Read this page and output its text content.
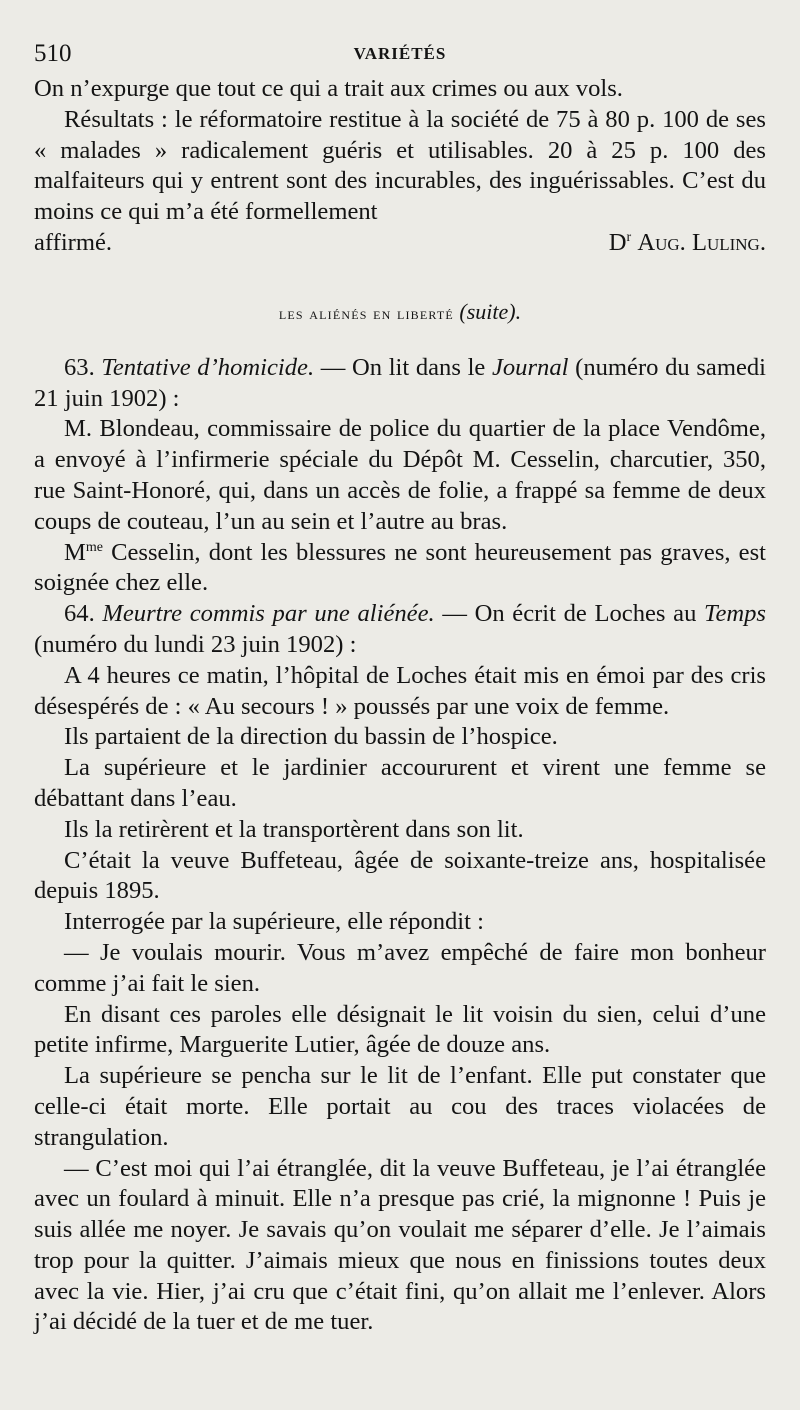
510	VARIÉTÉS

On n’expurge que tout ce qui a trait aux crimes ou aux vols.

Résultats : le réformatoire restitue à la société de 75 à 80 p. 100 de ses « malades » radicalement guéris et utilisables. 20 à 25 p. 100 des malfaiteurs qui y entrent sont des incurables, des inguérissables. C’est du moins ce qui m’a été formellement

affirmé.	$D^r$ Aug. Luling.
les aliénés en liberté (suite).

63. Tentative d’homicide. — On lit dans le Journal (numéro du samedi 21 juin 1902) :

M. Blondeau, commissaire de police du quartier de la place Vendôme, a envoyé à l’infirmerie spéciale du Dépôt M. Cesselin, charcutier, 350, rue Saint-Honoré, qui, dans un accès de folie, a frappé sa femme de deux coups de couteau, l’un au sein et l’autre au bras.

$M^{me}$ Cesselin, dont les blessures ne sont heureusement pas graves, est soignée chez elle.

64. Meurtre commis par une aliénée. — On écrit de Loches au Temps (numéro du lundi 23 juin 1902) :

A 4 heures ce matin, l’hôpital de Loches était mis en émoi par des cris désespérés de : « Au secours ! » poussés par une voix de femme.

Ils partaient de la direction du bassin de l’hospice.

La supérieure et le jardinier accoururent et virent une femme se débattant dans l’eau.

Ils la retirèrent et la transportèrent dans son lit.

C’était la veuve Buffeteau, âgée de soixante-treize ans, hospitalisée depuis 1895.

Interrogée par la supérieure, elle répondit :

— Je voulais mourir. Vous m’avez empêché de faire mon bonheur comme j’ai fait le sien.

En disant ces paroles elle désignait le lit voisin du sien, celui d’une petite infirme, Marguerite Lutier, âgée de douze ans.

La supérieure se pencha sur le lit de l’enfant. Elle put constater que celle-ci était morte. Elle portait au cou des traces violacées de strangulation.

— C’est moi qui l’ai étranglée, dit la veuve Buffeteau, je l’ai étranglée avec un foulard à minuit. Elle n’a presque pas crié, la mignonne ! Puis je suis allée me noyer. Je savais qu’on voulait me séparer d’elle. Je l’aimais trop pour la quitter. J’aimais mieux que nous en finissions toutes deux avec la vie. Hier, j’ai cru que c’était fini, qu’on allait me l’enlever. Alors j’ai décidé de la tuer et de me tuer.
